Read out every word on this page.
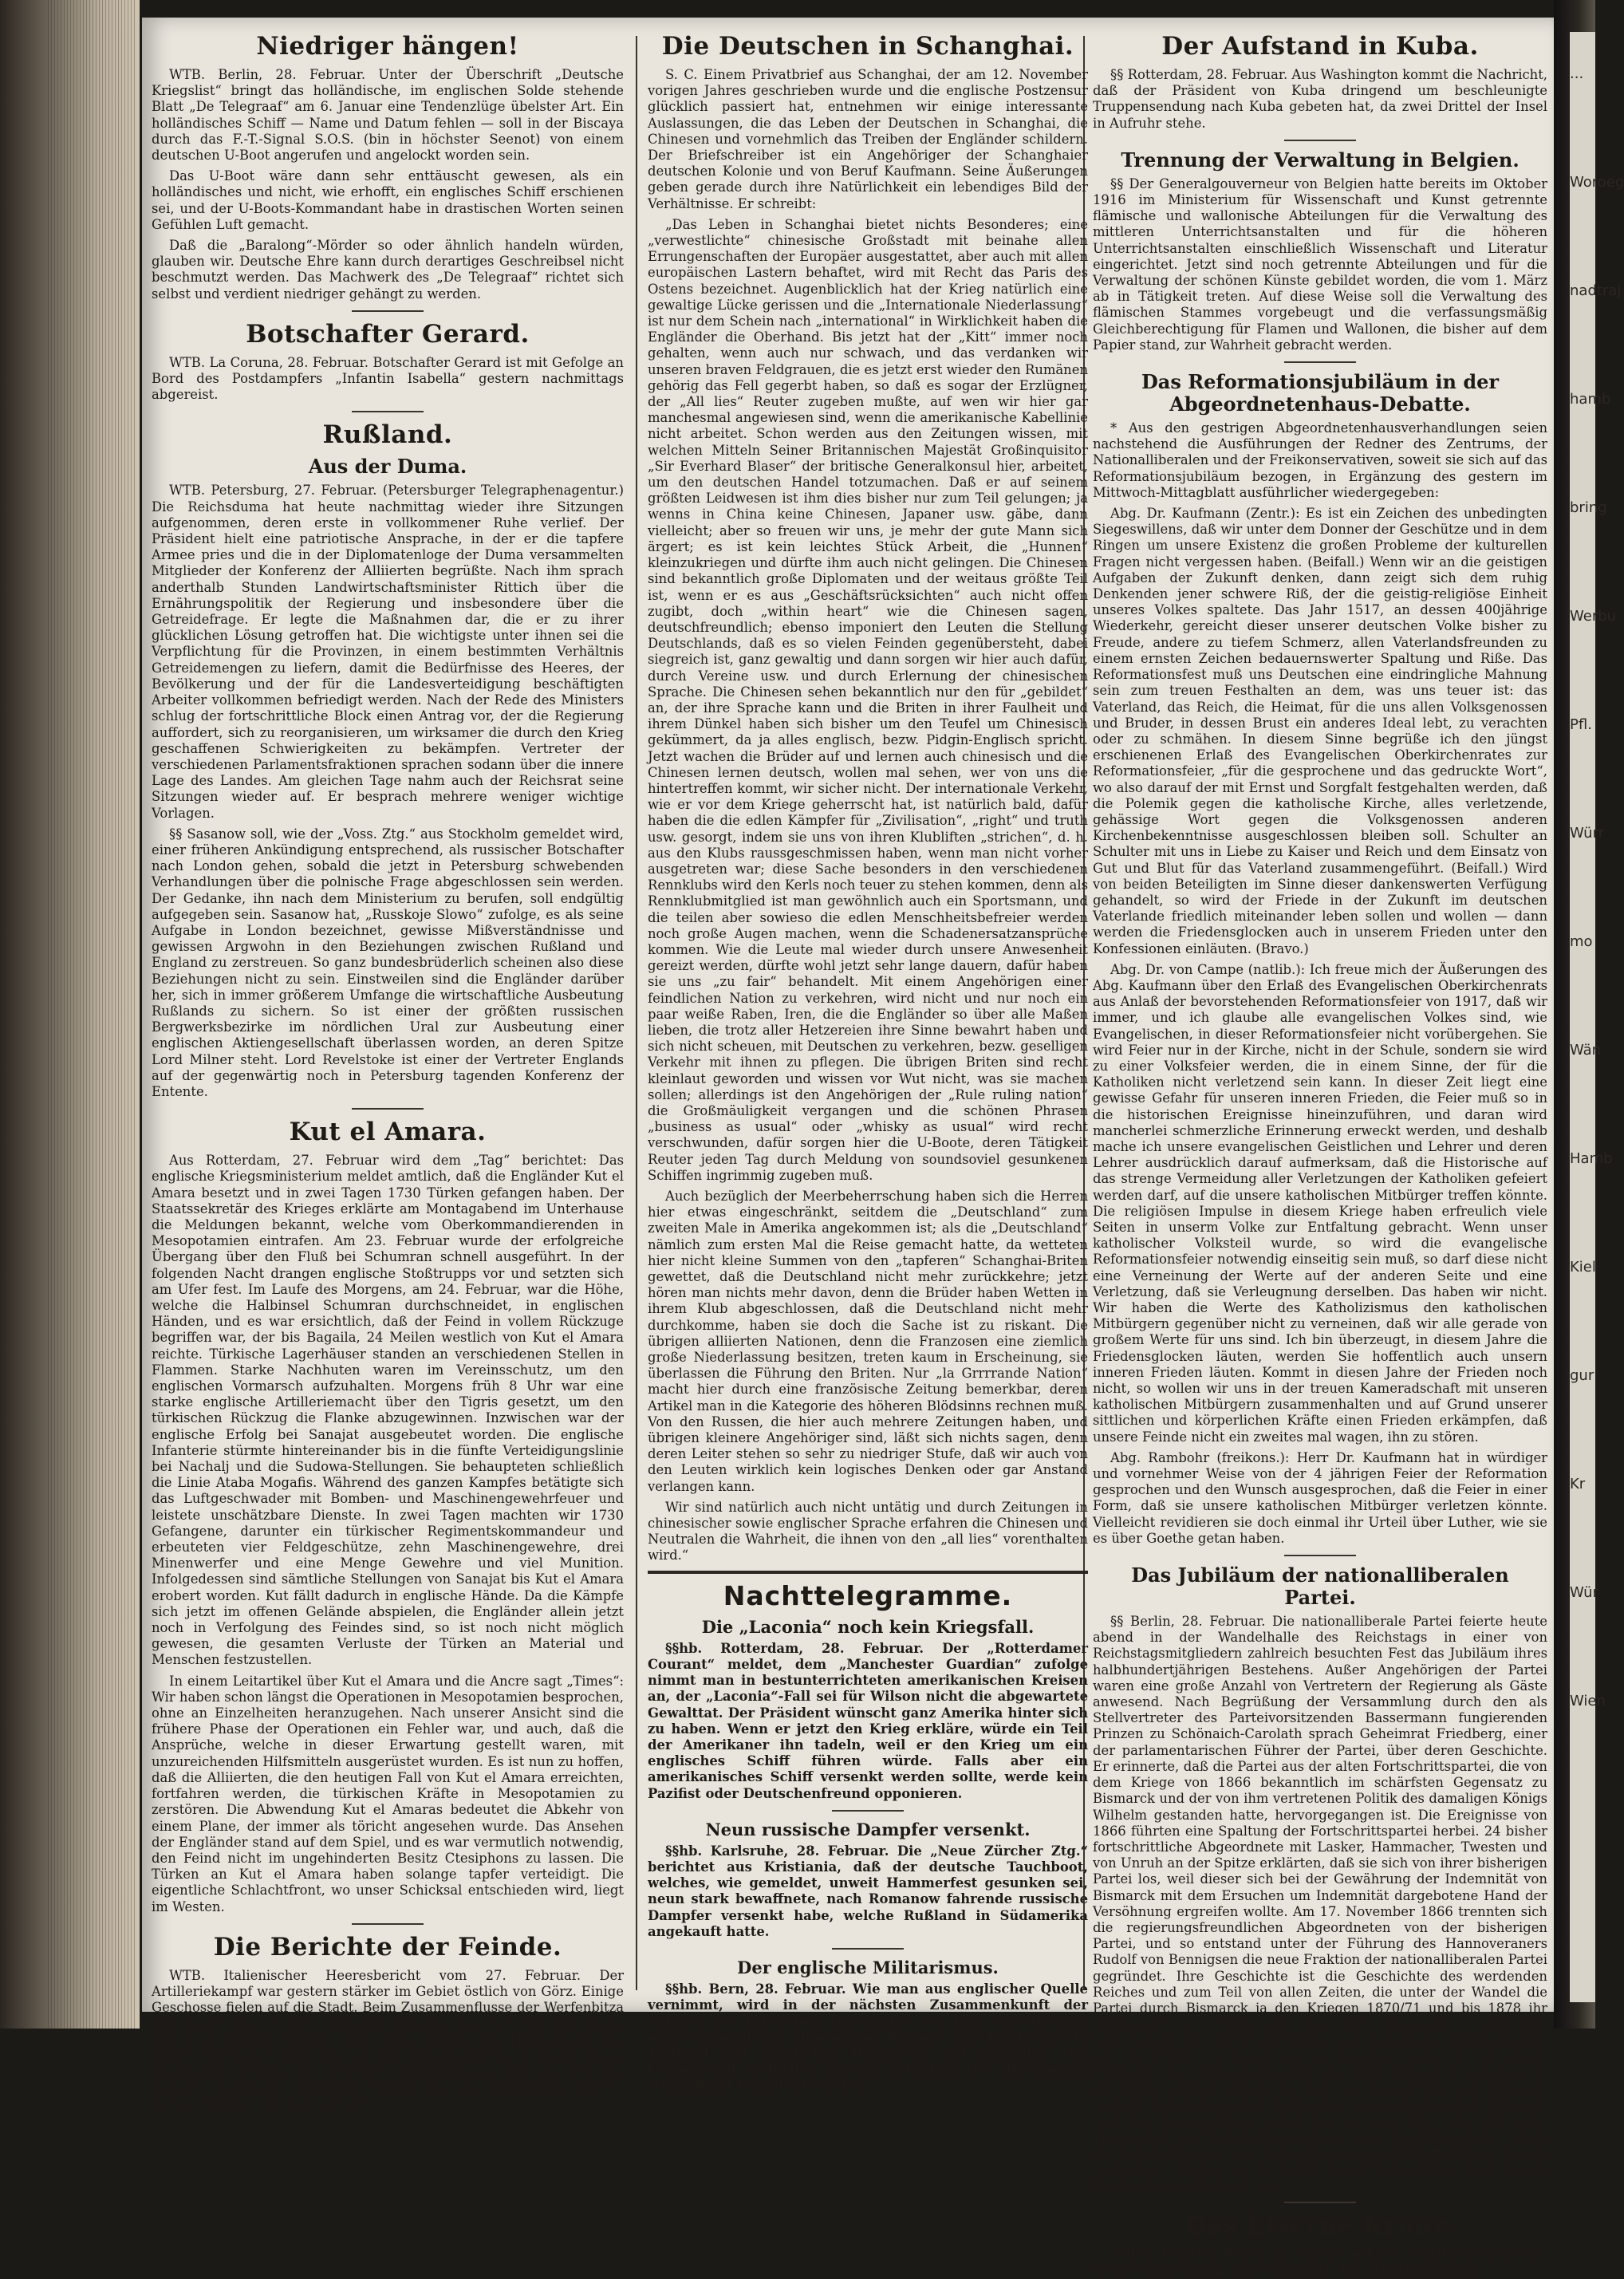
Niedriger hängen!

WTB. Berlin, 28. Februar. Unter der Überschrift „Deutsche Kriegslist“ bringt das holländische, im englischen Solde stehende Blatt „De Telegraaf“ am 6. Januar eine Tendenzlüge übelster Art. Ein holländisches Schiff — Name und Datum fehlen — soll in der Biscaya durch das F.-T.-Signal S.O.S. (bin in höchster Seenot) von einem deutschen U-Boot angerufen und angelockt worden sein.

Das U-Boot wäre dann sehr enttäuscht gewesen, als ein holländisches und nicht, wie erhofft, ein englisches Schiff erschienen sei, und der U-Boots-Kommandant habe in drastischen Worten seinen Gefühlen Luft gemacht.

Daß die „Baralong“-Mörder so oder ähnlich handeln würden, glauben wir. Deutsche Ehre kann durch derartiges Geschreibsel nicht beschmutzt werden. Das Machwerk des „De Telegraaf“ richtet sich selbst und verdient niedriger gehängt zu werden.

Botschafter Gerard.

WTB. La Coruna, 28. Februar. Botschafter Gerard ist mit Gefolge an Bord des Postdampfers „Infantin Isabella“ gestern nachmittags abgereist.

Rußland.
Aus der Duma.

WTB. Petersburg, 27. Februar. (Petersburger Telegraphenagentur.) Die Reichsduma hat heute nachmittag wieder ihre Sitzungen aufgenommen, deren erste in vollkommener Ruhe verlief. Der Präsident hielt eine patriotische Ansprache, in der er die tapfere Armee pries und die in der Diplomatenloge der Duma versammelten Mitglieder der Konferenz der Alliierten begrüßte. Nach ihm sprach anderthalb Stunden Landwirtschaftsminister Rittich über die Ernährungspolitik der Regierung und insbesondere über die Getreidefrage. Er legte die Maßnahmen dar, die er zu ihrer glücklichen Lösung getroffen hat. Die wichtigste unter ihnen sei die Verpflichtung für die Provinzen, in einem bestimmten Verhältnis Getreidemengen zu liefern, damit die Bedürfnisse des Heeres, der Bevölkerung und der für die Landesverteidigung beschäftigten Arbeiter vollkommen befriedigt werden. Nach der Rede des Ministers schlug der fortschrittliche Block einen Antrag vor, der die Regierung auffordert, sich zu reorganisieren, um wirksamer die durch den Krieg geschaffenen Schwierigkeiten zu bekämpfen. Vertreter der verschiedenen Parlamentsfraktionen sprachen sodann über die innere Lage des Landes. Am gleichen Tage nahm auch der Reichsrat seine Sitzungen wieder auf. Er besprach mehrere weniger wichtige Vorlagen.

§§ Sasanow soll, wie der „Voss. Ztg.“ aus Stockholm gemeldet wird, einer früheren Ankündigung entsprechend, als russischer Botschafter nach London gehen, sobald die jetzt in Petersburg schwebenden Verhandlungen über die polnische Frage abgeschlossen sein werden. Der Gedanke, ihn nach dem Ministerium zu berufen, soll endgültig aufgegeben sein. Sasanow hat, „Russkoje Slowo“ zufolge, es als seine Aufgabe in London bezeichnet, gewisse Mißverständnisse und gewissen Argwohn in den Beziehungen zwischen Rußland und England zu zerstreuen. So ganz bundesbrüderlich scheinen also diese Beziehungen nicht zu sein. Einstweilen sind die Engländer darüber her, sich in immer größerem Umfange die wirtschaftliche Ausbeutung Rußlands zu sichern. So ist einer der größten russischen Bergwerksbezirke im nördlichen Ural zur Ausbeutung einer englischen Aktiengesellschaft überlassen worden, an deren Spitze Lord Milner steht. Lord Revelstoke ist einer der Vertreter Englands auf der gegenwärtig noch in Petersburg tagenden Konferenz der Entente.

Kut el Amara.

Aus Rotterdam, 27. Februar wird dem „Tag“ berichtet: Das englische Kriegsministerium meldet amtlich, daß die Engländer Kut el Amara besetzt und in zwei Tagen 1730 Türken gefangen haben. Der Staatssekretär des Krieges erklärte am Montagabend im Unterhause die Meldungen bekannt, welche vom Oberkommandierenden in Mesopotamien eintrafen. Am 23. Februar wurde der erfolgreiche Übergang über den Fluß bei Schumran schnell ausgeführt. In der folgenden Nacht drangen englische Stoßtrupps vor und setzten sich am Ufer fest. Im Laufe des Morgens, am 24. Februar, war die Höhe, welche die Halbinsel Schumran durchschneidet, in englischen Händen, und es war ersichtlich, daß der Feind in vollem Rückzuge begriffen war, der bis Bagaila, 24 Meilen westlich von Kut el Amara reichte. Türkische Lagerhäuser standen an verschiedenen Stellen in Flammen. Starke Nachhuten waren im Vereinsschutz, um den englischen Vormarsch aufzuhalten. Morgens früh 8 Uhr war eine starke englische Artilleriemacht über den Tigris gesetzt, um den türkischen Rückzug die Flanke abzugewinnen. Inzwischen war der englische Erfolg bei Sanajat ausgebeutet worden. Die englische Infanterie stürmte hintereinander bis in die fünfte Verteidigungslinie bei Nachalj und die Sudowa-Stellungen. Sie behaupteten schließlich die Linie Ataba Mogafis. Während des ganzen Kampfes betätigte sich das Luftgeschwader mit Bomben- und Maschinengewehrfeuer und leistete unschätzbare Dienste. In zwei Tagen machten wir 1730 Gefangene, darunter ein türkischer Regimentskommandeur und erbeuteten vier Feldgeschütze, zehn Maschinengewehre, drei Minenwerfer und eine Menge Gewehre und viel Munition. Infolgedessen sind sämtliche Stellungen von Sanajat bis Kut el Amara erobert worden. Kut fällt dadurch in englische Hände. Da die Kämpfe sich jetzt im offenen Gelände abspielen, die Engländer allein jetzt noch in Verfolgung des Feindes sind, so ist noch nicht möglich gewesen, die gesamten Verluste der Türken an Material und Menschen festzustellen.

In einem Leitartikel über Kut el Amara und die Ancre sagt „Times“: Wir haben schon längst die Operationen in Mesopotamien besprochen, ohne an Einzelheiten heranzugehen. Nach unserer Ansicht sind die frühere Phase der Operationen ein Fehler war, und auch, daß die Ansprüche, welche in dieser Erwartung gestellt waren, mit unzureichenden Hilfsmitteln ausgerüstet wurden. Es ist nun zu hoffen, daß die Alliierten, die den heutigen Fall von Kut el Amara erreichten, fortfahren werden, die türkischen Kräfte in Mesopotamien zu zerstören. Die Abwendung Kut el Amaras bedeutet die Abkehr von einem Plane, der immer als töricht angesehen wurde. Das Ansehen der Engländer stand auf dem Spiel, und es war vermutlich notwendig, den Feind nicht im ungehinderten Besitz Ctesiphons zu lassen. Die Türken an Kut el Amara haben solange tapfer verteidigt. Die eigentliche Schlachtfront, wo unser Schicksal entschieden wird, liegt im Westen.

Die Berichte der Feinde.

WTB. Italienischer Heeresbericht vom 27. Februar. Der Artilleriekampf war gestern stärker im Gebiet östlich von Görz. Einige Geschosse fielen auf die Stadt. Beim Zusammenflusse der Werfenbitza und des Frigido an dem östlichen Abhange des Fajti wurden unsere Linien zu nähren, wurden aber abgeschlagen. Am Nordabhang des Monte San Marco drang eine unserer Abteilungen überraschend in die feindlichen Gräben ein, zerstörte Einrichtungen und ein Teil des Feindes. Feindliche Flugzeuge warfen Bomben auf Ballone (Karst). Einige Personen wurden verletzt.

Die Deutschen in Schanghai.

S. C. Einem Privatbrief aus Schanghai, der am 12. November vorigen Jahres geschrieben wurde und die englische Postzensur glücklich passiert hat, entnehmen wir einige interessante Auslassungen, die das Leben der Deutschen in Schanghai, die Chinesen und vornehmlich das Treiben der Engländer schildern. Der Briefschreiber ist ein Angehöriger der Schanghaier deutschen Kolonie und von Beruf Kaufmann. Seine Äußerungen geben gerade durch ihre Natürlichkeit ein lebendiges Bild der Verhältnisse. Er schreibt:

„Das Leben in Schanghai bietet nichts Besonderes; eine „verwestlichte“ chinesische Großstadt mit beinahe allen Errungenschaften der Europäer ausgestattet, aber auch mit allen europäischen Lastern behaftet, wird mit Recht das Paris des Ostens bezeichnet. Augenblicklich hat der Krieg natürlich eine gewaltige Lücke gerissen und die „Internationale Niederlassung“ ist nur dem Schein nach „international“ in Wirklichkeit haben die Engländer die Oberhand. Bis jetzt hat der „Kitt“ immer noch gehalten, wenn auch nur schwach, und das verdanken wir unseren braven Feldgrauen, die es jetzt erst wieder den Rumänen gehörig das Fell gegerbt haben, so daß es sogar der Erzlügner, der „All lies“ Reuter zugeben mußte, auf wen wir hier gar manchesmal angewiesen sind, wenn die amerikanische Kabellinie nicht arbeitet. Schon werden aus den Zeitungen wissen, mit welchen Mitteln Seiner Britannischen Majestät Großinquisitor „Sir Everhard Blaser“ der britische Generalkonsul hier, arbeitet, um den deutschen Handel totzumachen. Daß er auf seinem größten Leidwesen ist ihm dies bisher nur zum Teil gelungen; ja wenns in China keine Chinesen, Japaner usw. gäbe, dann vielleicht; aber so freuen wir uns, je mehr der gute Mann sich ärgert; es ist kein leichtes Stück Arbeit, die „Hunnen“ kleinzukriegen und dürfte ihm auch nicht gelingen. Die Chinesen sind bekanntlich große Diplomaten und der weitaus größte Teil ist, wenn er es aus „Geschäftsrücksichten“ auch nicht offen zugibt, doch „within heart“ wie die Chinesen sagen, deutschfreundlich; ebenso imponiert den Leuten die Stellung Deutschlands, daß es so vielen Feinden gegenübersteht, dabei siegreich ist, ganz gewaltig und dann sorgen wir hier auch dafür, durch Vereine usw. und durch Erlernung der chinesischen Sprache. Die Chinesen sehen bekanntlich nur den für „gebildet“ an, der ihre Sprache kann und die Briten in ihrer Faulheit und ihrem Dünkel haben sich bisher um den Teufel um Chinesisch gekümmert, da ja alles englisch, bezw. Pidgin-Englisch spricht. Jetzt wachen die Brüder auf und lernen auch chinesisch und die Chinesen lernen deutsch, wollen mal sehen, wer von uns die hintertreffen kommt, wir sicher nicht. Der internationale Verkehr, wie er vor dem Kriege geherrscht hat, ist natürlich bald, dafür haben die die edlen Kämpfer für „Zivilisation“, „right“ und truth usw. gesorgt, indem sie uns von ihren Klubliften „strichen“, d. h. aus den Klubs raussgeschmissen haben, wenn man nicht vorher ausgetreten war; diese Sache besonders in den verschiedenen Rennklubs wird den Kerls noch teuer zu stehen kommen, denn als Rennklubmitglied ist man gewöhnlich auch ein Sportsmann, und die teilen aber sowieso die edlen Menschheitsbefreier werden noch große Augen machen, wenn die Schadenersatzansprüche kommen. Wie die Leute mal wieder durch unsere Anwesenheit gereizt werden, dürfte wohl jetzt sehr lange dauern, dafür haben sie uns „zu fair“ behandelt. Mit einem Angehörigen einer feindlichen Nation zu verkehren, wird nicht und nur noch ein paar weiße Raben, Iren, die die Engländer so über alle Maßen lieben, die trotz aller Hetzereien ihre Sinne bewahrt haben und sich nicht scheuen, mit Deutschen zu verkehren, bezw. geselligen Verkehr mit ihnen zu pflegen. Die übrigen Briten sind recht kleinlaut geworden und wissen vor Wut nicht, was sie machen sollen; allerdings ist den Angehörigen der „Rule ruling nation“ die Großmäuligkeit vergangen und die schönen Phrasen „business as usual“ oder „whisky as usual“ wird recht verschwunden, dafür sorgen hier die U-Boote, deren Tätigkeit Reuter jeden Tag durch Meldung von soundsoviel gesunkenen Schiffen ingrimmig zugeben muß.

Auch bezüglich der Meerbeherrschung haben sich die Herren hier etwas eingeschränkt, seitdem die „Deutschland“ zum zweiten Male in Amerika angekommen ist; als die „Deutschland“ nämlich zum ersten Mal die Reise gemacht hatte, da wetteten hier nicht kleine Summen von den „tapferen“ Schanghai-Briten gewettet, daß die Deutschland nicht mehr zurückkehre; jetzt hören man nichts mehr davon, denn die Brüder haben Wetten in ihrem Klub abgeschlossen, daß die Deutschland nicht mehr durchkomme, haben sie doch die Sache ist zu riskant. Die übrigen alliierten Nationen, denn die Franzosen eine ziemlich große Niederlassung besitzen, treten kaum in Erscheinung, sie überlassen die Führung den Briten. Nur „la Grrrrande Nation“ macht hier durch eine französische Zeitung bemerkbar, deren Artikel man in die Kategorie des höheren Blödsinns rechnen muß. Von den Russen, die hier auch mehrere Zeitungen haben, und übrigen kleinere Angehöriger sind, läßt sich nichts sagen, denn deren Leiter stehen so sehr zu niedriger Stufe, daß wir auch von den Leuten wirklich kein logisches Denken oder gar Anstand verlangen kann.

Wir sind natürlich auch nicht untätig und durch Zeitungen in chinesischer sowie englischer Sprache erfahren die Chinesen und Neutralen die Wahrheit, die ihnen von den „all lies“ vorenthalten wird.“

Nachttelegramme.
Die „Laconia“ noch kein Kriegsfall.

§§hb. Rotterdam, 28. Februar. Der „Rotterdamer Courant“ meldet, dem „Manchester Guardian“ zufolge nimmt man in bestunterrichteten amerikanischen Kreisen an, der „Laconia“-Fall sei für Wilson nicht die abgewartete Gewalttat. Der Präsident wünscht ganz Amerika hinter sich zu haben. Wenn er jetzt den Krieg erkläre, würde ein Teil der Amerikaner ihn tadeln, weil er den Krieg um ein englisches Schiff führen würde. Falls aber ein amerikanisches Schiff versenkt werden sollte, werde kein Pazifist oder Deutschenfreund opponieren.

Neun russische Dampfer versenkt.

§§hb. Karlsruhe, 28. Februar. Die „Neue Zürcher Ztg.“ berichtet aus Kristiania, daß der deutsche Tauchboot, welches, wie gemeldet, unweit Hammerfest gesunken sei, neun stark bewaffnete, nach Romanow fahrende russische Dampfer versenkt habe, welche Rußland in Südamerika angekauft hatte.

Der englische Militarismus.

§§hb. Bern, 28. Februar. Wie man aus englischer Quelle vernimmt, wird in der nächsten Zusammenkunft der Spitzen des britischen Imperiums der Plan zur Bildung einer einheitlichen allgemeinen Wasser-, und Landarmee in England und sämtlichen Dominions mit Einschluß von Canada und Australien auf dem Grundsatz der allgemeinen Wehrpflicht vorgelegt werden.

Der Aufstand in Kuba.

§§ Rotterdam, 28. Februar. Aus Washington kommt die Nachricht, daß der Präsident von Kuba dringend um beschleunigte Truppensendung nach Kuba gebeten hat, da zwei Drittel der Insel in Aufruhr stehe.

Trennung der Verwaltung in Belgien.

§§ Der Generalgouverneur von Belgien hatte bereits im Oktober 1916 im Ministerium für Wissenschaft und Kunst getrennte flämische und wallonische Abteilungen für die Verwaltung des mittleren Unterrichtsanstalten und für die höheren Unterrichtsanstalten einschließlich Wissenschaft und Literatur eingerichtet. Jetzt sind noch getrennte Abteilungen und für die Verwaltung der schönen Künste gebildet worden, die vom 1. März ab in Tätigkeit treten. Auf diese Weise soll die Verwaltung des flämischen Stammes vorgebeugt und die verfassungsmäßig Gleichberechtigung für Flamen und Wallonen, die bisher auf dem Papier stand, zur Wahrheit gebracht werden.

Das Reformationsjubiläum in der Abgeordnetenhaus-Debatte.

* Aus den gestrigen Abgeordnetenhausverhandlungen seien nachstehend die Ausführungen der Redner des Zentrums, der Nationalliberalen und der Freikonservativen, soweit sie sich auf das Reformationsjubiläum bezogen, in Ergänzung des gestern im Mittwoch-Mittagblatt ausführlicher wiedergegeben:

Abg. Dr. Kaufmann (Zentr.): Es ist ein Zeichen des unbedingten Siegeswillens, daß wir unter dem Donner der Geschütze und in dem Ringen um unsere Existenz die großen Probleme der kulturellen Fragen nicht vergessen haben. (Beifall.) Wenn wir an die geistigen Aufgaben der Zukunft denken, dann zeigt sich dem ruhig Denkenden jener schwere Riß, der die geistig-religiöse Einheit unseres Volkes spaltete. Das Jahr 1517, an dessen 400jährige Wiederkehr, gereicht dieser unserer deutschen Volke bisher zu Freude, andere zu tiefem Schmerz, allen Vaterlandsfreunden zu einem ernsten Zeichen bedauernswerter Spaltung und Riße. Das Reformationsfest muß uns Deutschen eine eindringliche Mahnung sein zum treuen Festhalten an dem, was uns teuer ist: das Vaterland, das Reich, die Heimat, für die uns allen Volksgenossen und Bruder, in dessen Brust ein anderes Ideal lebt, zu verachten oder zu schmähen. In diesem Sinne begrüße ich den jüngst erschienenen Erlaß des Evangelischen Oberkirchenrates zur Reformationsfeier, „für die gesprochene und das gedruckte Wort“, wo also darauf der mit Ernst und Sorgfalt festgehalten werden, daß die Polemik gegen die katholische Kirche, alles verletzende, gehässige Wort gegen die Volksgenossen anderen Kirchenbekenntnisse ausgeschlossen bleiben soll. Schulter an Schulter mit uns in Liebe zu Kaiser und Reich und dem Einsatz von Gut und Blut für das Vaterland zusammengeführt. (Beifall.) Wird von beiden Beteiligten im Sinne dieser dankenswerten Verfügung gehandelt, so wird der Friede in der Zukunft im deutschen Vaterlande friedlich miteinander leben sollen und wollen — dann werden die Friedensglocken auch in unserem Frieden unter den Konfessionen einläuten. (Bravo.)

Abg. Dr. von Campe (natlib.): Ich freue mich der Äußerungen des Abg. Kaufmann über den Erlaß des Evangelischen Oberkirchenrats aus Anlaß der bevorstehenden Reformationsfeier von 1917, daß wir immer, und ich glaube alle evangelischen Volkes sind, wie Evangelischen, in dieser Reformationsfeier nicht vorübergehen. Sie wird Feier nur in der Kirche, nicht in der Schule, sondern sie wird zu einer Volksfeier werden, die in einem Sinne, der für die Katholiken nicht verletzend sein kann. In dieser Zeit liegt eine gewisse Gefahr für unseren inneren Frieden, die Feier muß so in die historischen Ereignisse hineinzuführen, und daran wird mancherlei schmerzliche Erinnerung erweckt werden, und deshalb mache ich unsere evangelischen Geistlichen und Lehrer und deren Lehrer ausdrücklich darauf aufmerksam, daß die Historische auf das strenge Vermeidung aller Verletzungen der Katholiken gefeiert werden darf, auf die unsere katholischen Mitbürger treffen könnte. Die religiösen Impulse in diesem Kriege haben erfreulich viele Seiten in unserm Volke zur Entfaltung gebracht. Wenn unser katholischer Volksteil wurde, so wird die evangelische Reformationsfeier notwendig einseitig sein muß, so darf diese nicht eine Verneinung der Werte auf der anderen Seite und eine Verletzung, daß sie Verleugnung derselben. Das haben wir nicht. Wir haben die Werte des Katholizismus den katholischen Mitbürgern gegenüber nicht zu verneinen, daß wir alle gerade von großem Werte für uns sind. Ich bin überzeugt, in diesem Jahre die Friedensglocken läuten, werden Sie hoffentlich auch unsern inneren Frieden läuten. Kommt in diesen Jahre der Frieden noch nicht, so wollen wir uns in der treuen Kameradschaft mit unseren katholischen Mitbürgern zusammenhalten und auf Grund unserer sittlichen und körperlichen Kräfte einen Frieden erkämpfen, daß unsere Feinde nicht ein zweites mal wagen, ihn zu stören.

Abg. Rambohr (freikons.): Herr Dr. Kaufmann hat in würdiger und vornehmer Weise von der 4 jährigen Feier der Reformation gesprochen und den Wunsch ausgesprochen, daß die Feier in einer Form, daß sie unsere katholischen Mitbürger verletzen könnte. Vielleicht revidieren sie doch einmal ihr Urteil über Luther, wie sie es über Goethe getan haben.

Das Jubiläum der nationalliberalen Partei.

§§ Berlin, 28. Februar. Die nationalliberale Partei feierte heute abend in der Wandelhalle des Reichstags in einer von Reichstagsmitgliedern zahlreich besuchten Fest das Jubiläum ihres halbhundertjährigen Bestehens. Außer Angehörigen der Partei waren eine große Anzahl von Vertretern der Regierung als Gäste anwesend. Nach Begrüßung der Versammlung durch den als Stellvertreter des Parteivorsitzenden Bassermann fungierenden Prinzen zu Schönaich-Carolath sprach Geheimrat Friedberg, einer der parlamentarischen Führer der Partei, über deren Geschichte. Er erinnerte, daß die Partei aus der alten Fortschrittspartei, die von dem Kriege von 1866 bekanntlich im schärfsten Gegensatz zu Bismarck und der von ihm vertretenen Politik des damaligen Königs Wilhelm gestanden hatte, hervorgegangen ist. Die Ereignisse von 1866 führten eine Spaltung der Fortschrittspartei herbei. 24 bisher fortschrittliche Abgeordnete mit Lasker, Hammacher, Twesten und von Unruh an der Spitze erklärten, daß sie sich von ihrer bisherigen Partei los, weil dieser sich bei der Gewährung der Indemnität von Bismarck mit dem Ersuchen um Indemnität dargebotene Hand der Versöhnung ergreifen wollte. Am 17. November 1866 trennten sich die regierungsfreundlichen Abgeordneten von der bisherigen Partei, und so entstand unter der Führung des Hannoveraners Rudolf von Bennigsen die neue Fraktion der nationalliberalen Partei gegründet. Ihre Geschichte ist die Geschichte des werdenden Reiches und zum Teil von allen Zeiten, die unter der Wandel die Partei durch Bismarck ja den Kriegen 1870/71 und bis 1878 ihr Stützpunkt der Regierung war. Mit Bismarcks engelitteten Umschwung der Wirtschaftspolitik eine besonders großen Einfluß auf die Politik im Reich und in Preußen übte, ist mit ihrem Eingreifen der Wirtschaftspolitik das Ende. Dieser Umschwung in der Wirtschaftspolitik brachte zwischen dem Gegenstand Bismarck und der Nationalliberalen Partei eine Gegensatz zwischen Bismarck und den Konservativen, und es kam zu einer Spaltung; und einen großen Teil der Nationalliberalen nach der Spaltung Später haben die Nationalliberalen bei Bismarck wieder sehr Beziehungen zu ihm und seinem Einfluß auf die Politik dem Fürsten Bülow nach dessen Bruch mit dem Zentrum aus.

Das Eiserne Kreuz.

* Das Eiserne Kreuz 2. Klasse erhielt: Molkereiverwalter Gefr. Franz Simon aus Grafenort, Kr. Habelschwerdt.

...
Woroeg
nadtraj
hamb
bring
Werbu
Pfl.
Würr
mo
Wän
Hamb
Kiel
gur
Kr
Wür
Wien
